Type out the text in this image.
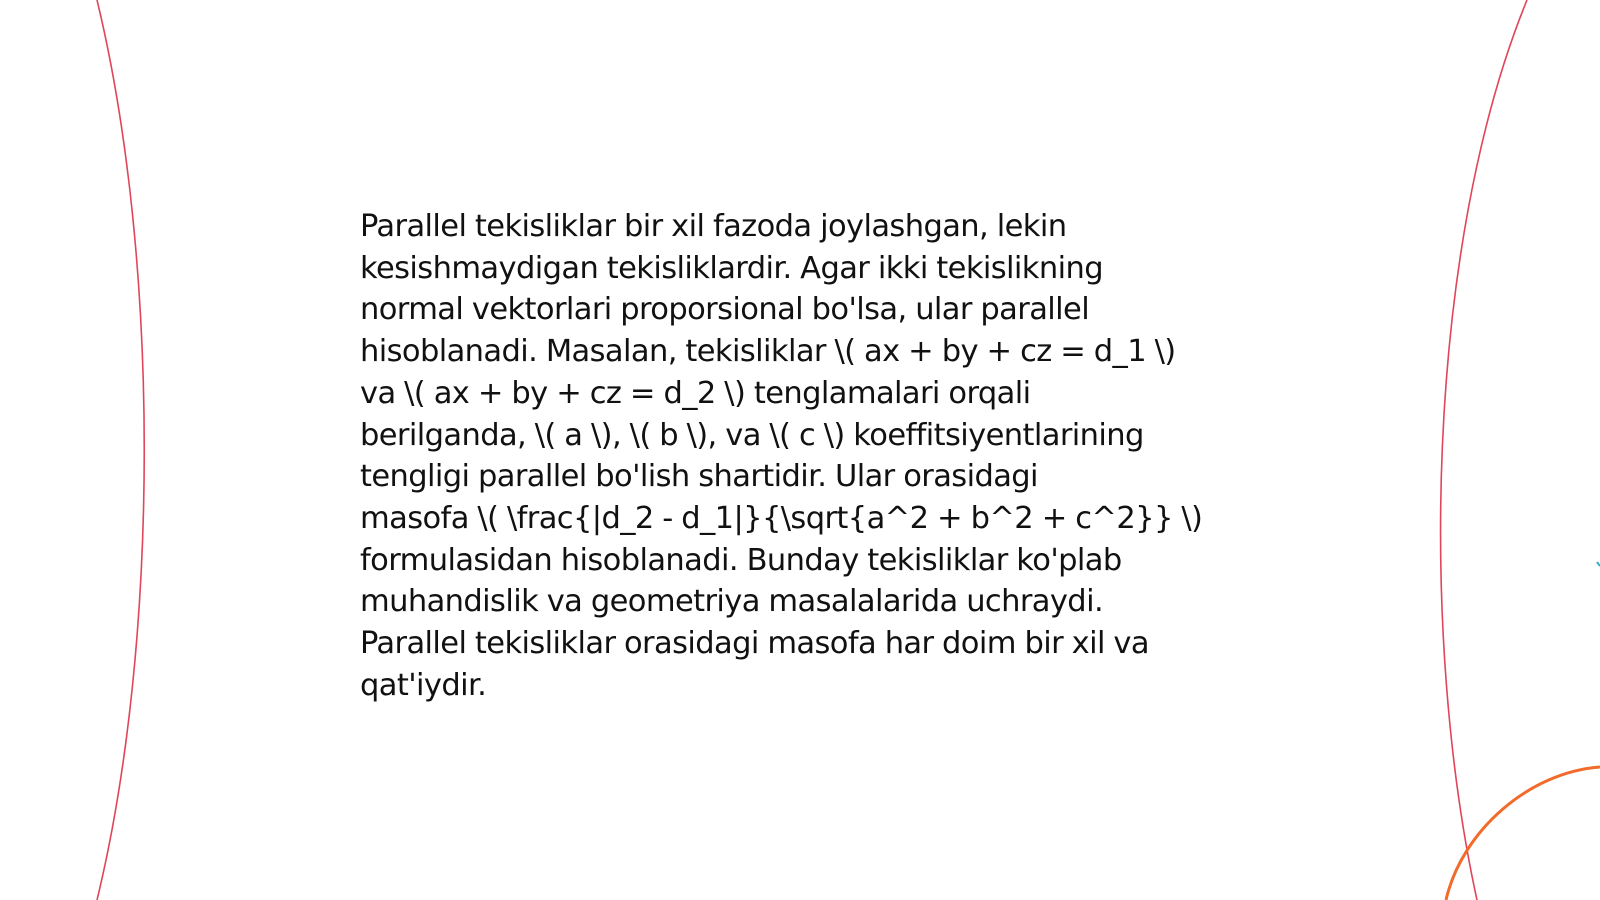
Parallel tekisliklar bir xil fazoda joylashgan, lekin
kesishmaydigan tekisliklardir. Agar ikki tekislikning
normal vektorlari proporsional bo'lsa, ular parallel
hisoblanadi. Masalan, tekisliklar \( ax + by + cz = d_1 \)
va \( ax + by + cz = d_2 \) tenglamalari orqali
berilganda, \( a \), \( b \), va \( c \) koeffitsiyentlarining
tengligi parallel bo'lish shartidir. Ular orasidagi
masofa \( \frac{|d_2 - d_1|}{\sqrt{a^2 + b^2 + c^2}} \)
formulasidan hisoblanadi. Bunday tekisliklar ko'plab
muhandislik va geometriya masalalarida uchraydi.
Parallel tekisliklar orasidagi masofa har doim bir xil va
qat'iydir.
